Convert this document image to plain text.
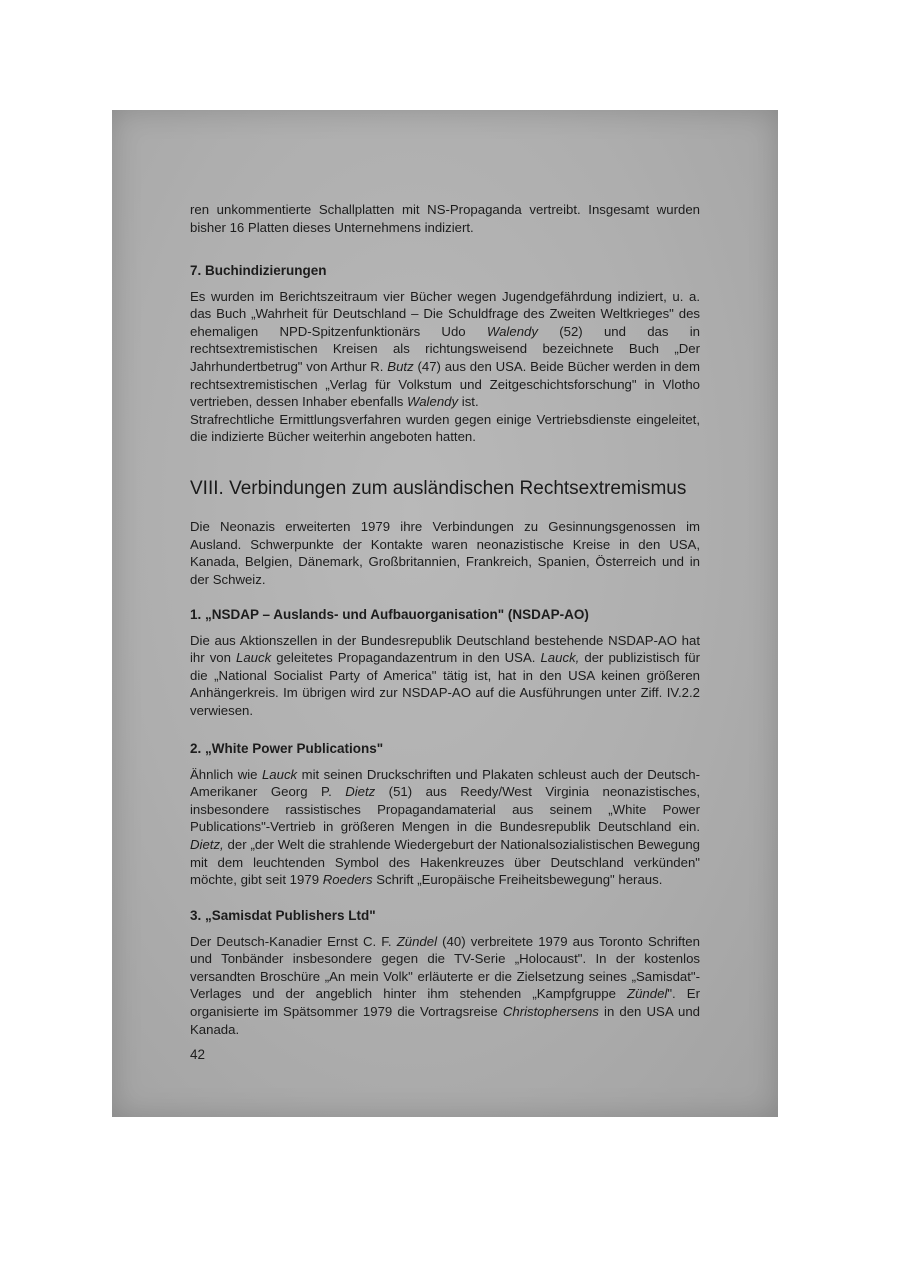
ren unkommentierte Schallplatten mit NS-Propaganda vertreibt. Insgesamt wurden bisher 16 Platten dieses Unternehmens indiziert.

7. Buchindizierungen

Es wurden im Berichtszeitraum vier Bücher wegen Jugendgefährdung indiziert, u. a. das Buch „Wahrheit für Deutschland – Die Schuldfrage des Zweiten Weltkrieges" des ehemaligen NPD-Spitzenfunktionärs Udo Walendy (52) und das in rechtsextremistischen Kreisen als richtungsweisend bezeichnete Buch „Der Jahrhundertbetrug" von Arthur R. Butz (47) aus den USA. Beide Bücher werden in dem rechtsextremistischen „Verlag für Volkstum und Zeitgeschichtsforschung" in Vlotho vertrieben, dessen Inhaber ebenfalls Walendy ist.

Strafrechtliche Ermittlungsverfahren wurden gegen einige Vertriebsdienste eingeleitet, die indizierte Bücher weiterhin angeboten hatten.

VIII. Verbindungen zum ausländischen Rechtsextremismus

Die Neonazis erweiterten 1979 ihre Verbindungen zu Gesinnungsgenossen im Ausland. Schwerpunkte der Kontakte waren neonazistische Kreise in den USA, Kanada, Belgien, Dänemark, Großbritannien, Frankreich, Spanien, Österreich und in der Schweiz.

1. „NSDAP – Auslands- und Aufbauorganisation" (NSDAP-AO)

Die aus Aktionszellen in der Bundesrepublik Deutschland bestehende NSDAP-AO hat ihr von Lauck geleitetes Propagandazentrum in den USA. Lauck, der publizistisch für die „National Socialist Party of America" tätig ist, hat in den USA keinen größeren Anhängerkreis. Im übrigen wird zur NSDAP-AO auf die Ausführungen unter Ziff. IV.2.2 verwiesen.

2. „White Power Publications"

Ähnlich wie Lauck mit seinen Druckschriften und Plakaten schleust auch der Deutsch-Amerikaner Georg P. Dietz (51) aus Reedy/West Virginia neonazistisches, insbesondere rassistisches Propagandamaterial aus seinem „White Power Publications"-Vertrieb in größeren Mengen in die Bundesrepublik Deutschland ein. Dietz, der „der Welt die strahlende Wiedergeburt der Nationalsozialistischen Bewegung mit dem leuchtenden Symbol des Hakenkreuzes über Deutschland verkünden" möchte, gibt seit 1979 Roeders Schrift „Europäische Freiheitsbewegung" heraus.

3. „Samisdat Publishers Ltd"

Der Deutsch-Kanadier Ernst C. F. Zündel (40) verbreitete 1979 aus Toronto Schriften und Tonbänder insbesondere gegen die TV-Serie „Holocaust". In der kostenlos versandten Broschüre „An mein Volk" erläuterte er die Zielsetzung seines „Samisdat"-Verlages und der angeblich hinter ihm stehenden „Kampfgruppe Zündel". Er organisierte im Spätsommer 1979 die Vortragsreise Christophersens in den USA und Kanada.

42
